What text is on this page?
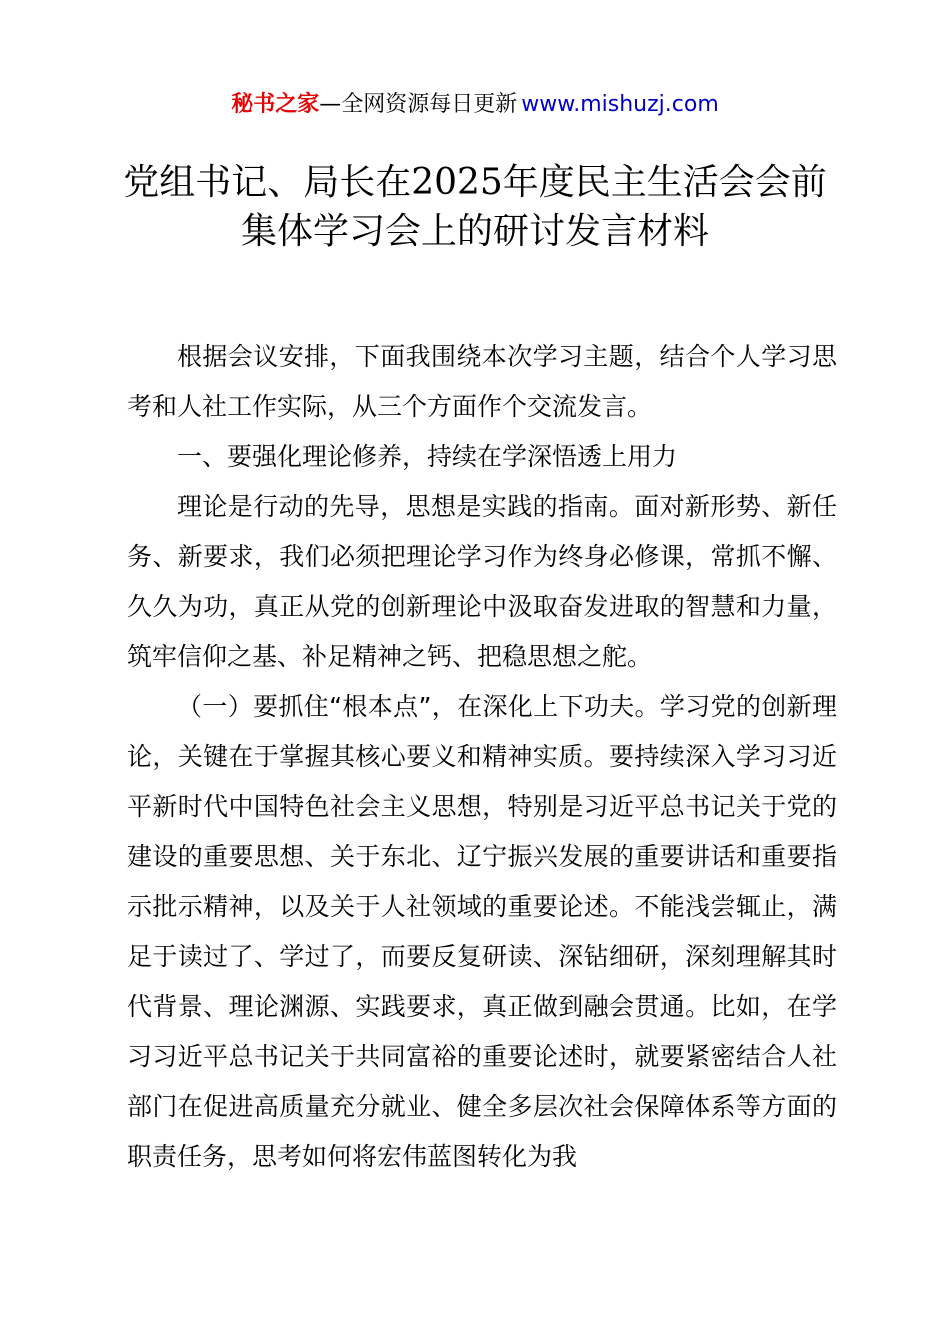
秘书之家—全网资源每日更新 www.mishuzj.com
党组书记、局长在2025年度民主生活会会前
集体学习会上的研讨发言材料

根据会议安排，下面我围绕本次学习主题，结合个人学习思考和人社工作实际，从三个方面作个交流发言。

一、要强化理论修养，持续在学深悟透上用力

理论是行动的先导，思想是实践的指南。面对新形势、新任务、新要求，我们必须把理论学习作为终身必修课，常抓不懈、久久为功，真正从党的创新理论中汲取奋发进取的智慧和力量，筑牢信仰之基、补足精神之钙、把稳思想之舵。

（一）要抓住“根本点”，在深化上下功夫。学习党的创新理论，关键在于掌握其核心要义和精神实质。要持续深入学习习近平新时代中国特色社会主义思想，特别是习近平总书记关于党的建设的重要思想、关于东北、辽宁振兴发展的重要讲话和重要指示批示精神，以及关于人社领域的重要论述。不能浅尝辄止，满足于读过了、学过了，而要反复研读、深钻细研，深刻理解其时代背景、理论渊源、实践要求，真正做到融会贯通。比如，在学习习近平总书记关于共同富裕的重要论述时，就要紧密结合人社部门在促进高质量充分就业、健全多层次社会保障体系等方面的职责任务，思考如何将宏伟蓝图转化为我
